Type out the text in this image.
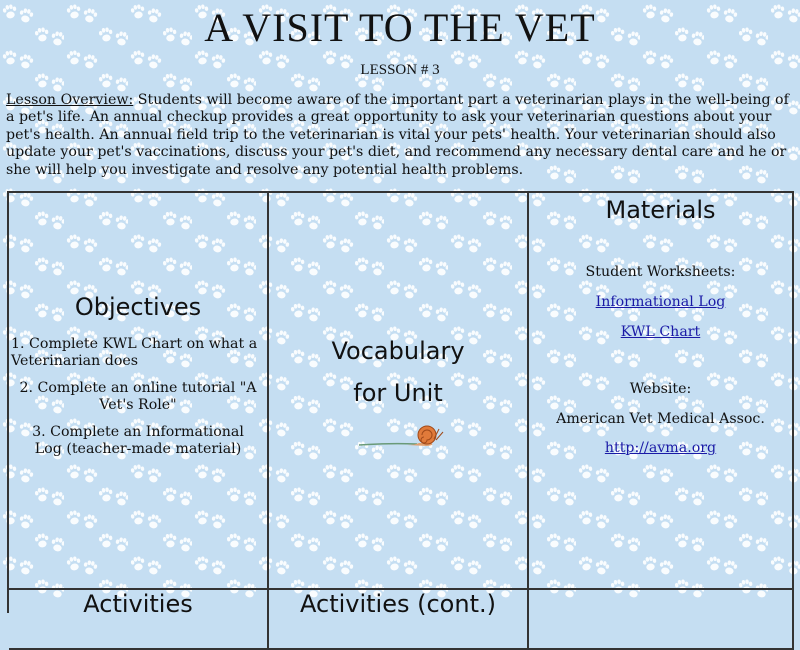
A VISIT TO THE VET

LESSON # 3

Lesson Overview: Students will become aware of the important part a veterinarian plays in the well-being of a pet's life. An annual checkup provides a great opportunity to ask your veterinarian questions about your pet's health. An annual field trip to the veterinarian is vital your pets' health. Your veterinarian should also update your pet's vaccinations, discuss your pet's diet, and recommend any necessary dental care and he or she will help you investigate and resolve any potential health problems.

Objectives

1. Complete KWL Chart on what a Veterinarian does

2. Complete an online tutorial "A Vet's Role"

3. Complete an Informational Log (teacher-made material)

Vocabulary

for Unit

Materials

Student Worksheets:

Informational Log

KWL Chart

Website:

American Vet Medical Assoc.

http://avma.org

Activities	Activities (cont.)
